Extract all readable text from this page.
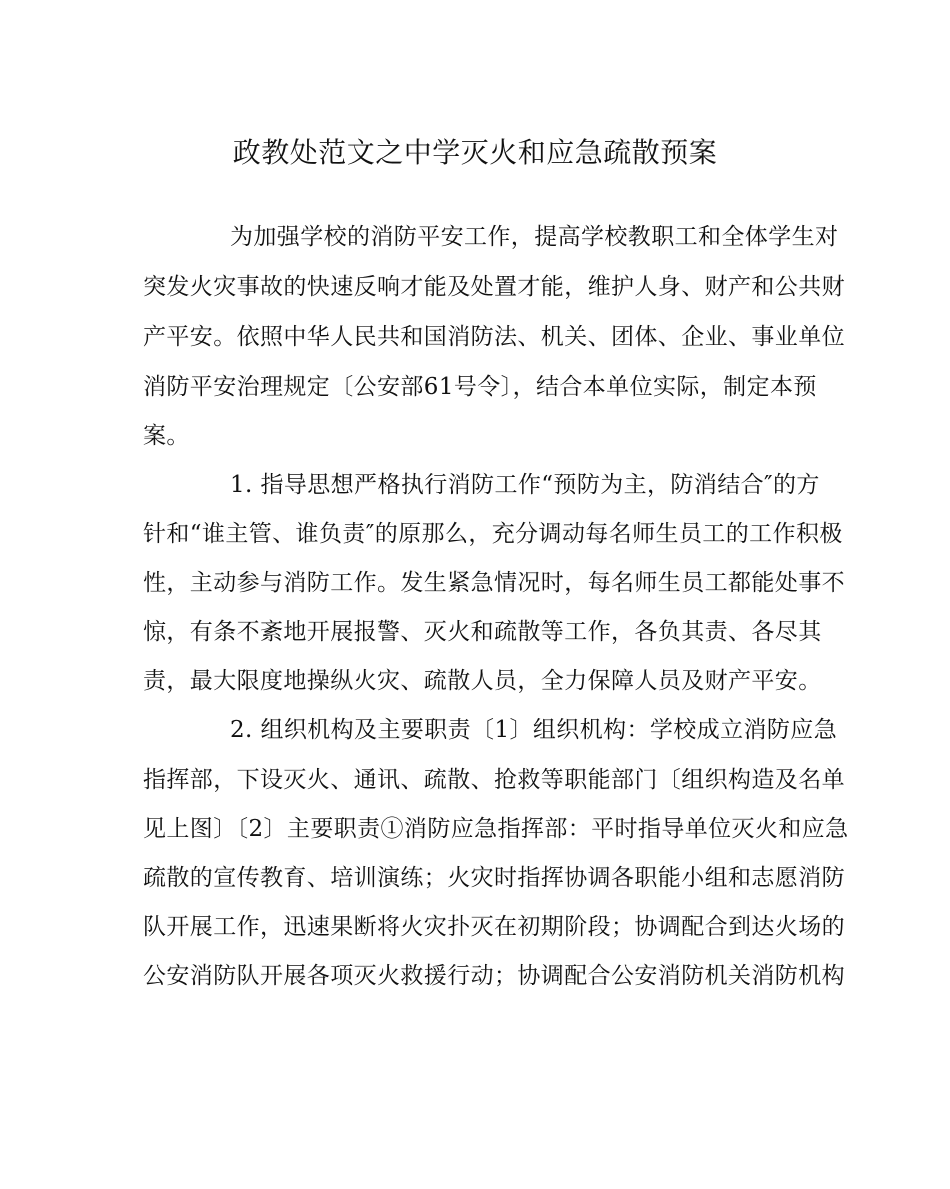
政教处范文之中学灭火和应急疏散预案
为加强学校的消防平安工作，提高学校教职工和全体学生对
突发火灾事故的快速反响才能及处置才能，维护人身、财产和公共财
产平安。依照中华人民共和国消防法、机关、团体、企业、事业单位
消防平安治理规定〔公安部61号令〕，结合本单位实际，制定本预
案。
1. 指导思想严格执行消防工作“预防为主，防消结合″的方
针和“谁主管、谁负责″的原那么，充分调动每名师生员工的工作积极
性，主动参与消防工作。发生紧急情况时，每名师生员工都能处事不
惊，有条不紊地开展报警、灭火和疏散等工作，各负其责、各尽其
责，最大限度地操纵火灾、疏散人员，全力保障人员及财产平安。
2. 组织机构及主要职责〔1〕组织机构：学校成立消防应急
指挥部，下设灭火、通讯、疏散、抢救等职能部门〔组织构造及名单
见上图〕〔2〕主要职责①消防应急指挥部：平时指导单位灭火和应急
疏散的宣传教育、培训演练；火灾时指挥协调各职能小组和志愿消防
队开展工作，迅速果断将火灾扑灭在初期阶段；协调配合到达火场的
公安消防队开展各项灭火救援行动；协调配合公安消防机关消防机构
